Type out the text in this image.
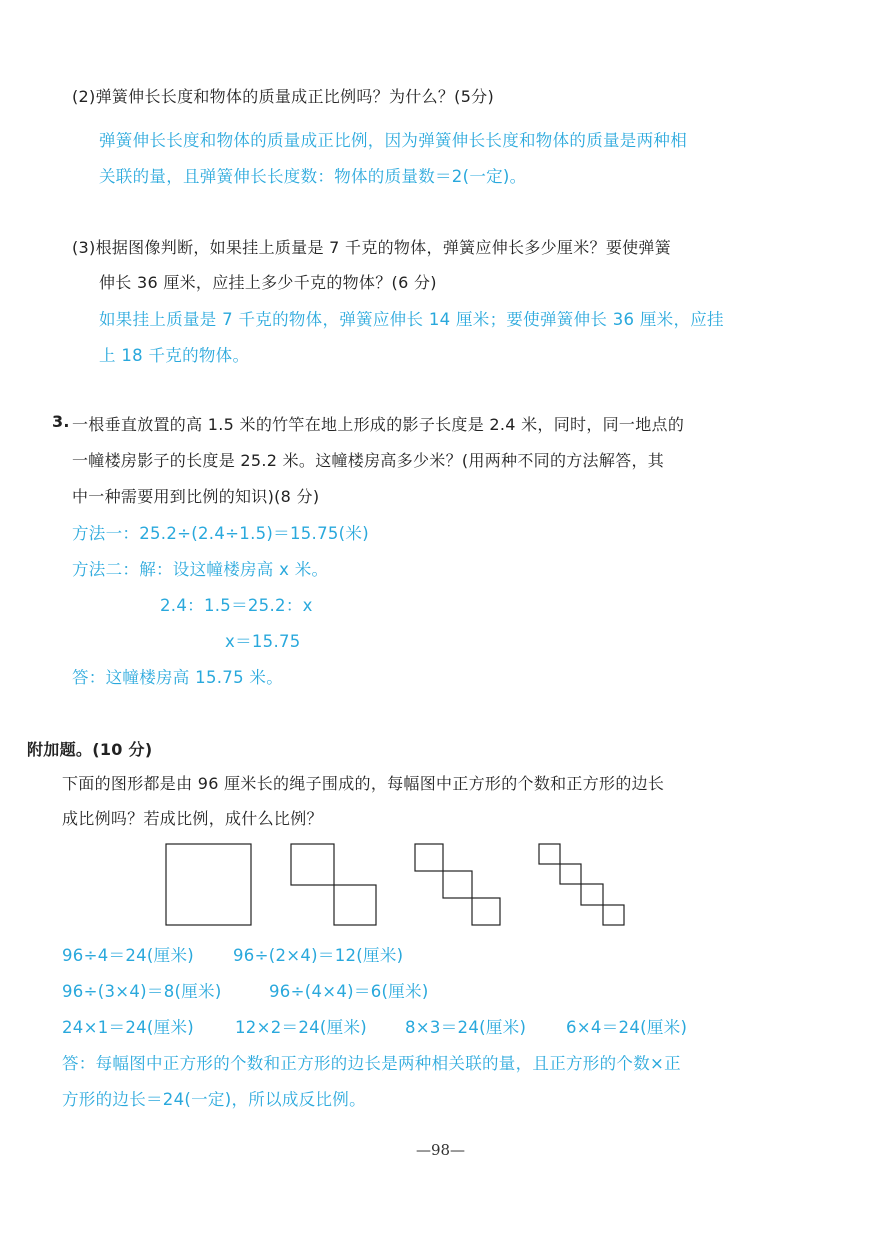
(2)弹簧伸长长度和物体的质量成正比例吗？为什么？(5分)
弹簧伸长长度和物体的质量成正比例，因为弹簧伸长长度和物体的质量是两种相
关联的量，且弹簧伸长长度数：物体的质量数＝2(一定)。
(3)根据图像判断，如果挂上质量是 7 千克的物体，弹簧应伸长多少厘米？要使弹簧
伸长 36 厘米，应挂上多少千克的物体？(6 分)
如果挂上质量是 7 千克的物体，弹簧应伸长 14 厘米；要使弹簧伸长 36 厘米，应挂
上 18 千克的物体。
3. 一根垂直放置的高 1.5 米的竹竿在地上形成的影子长度是 2.4 米，同时，同一地点的
一幢楼房影子的长度是 25.2 米。这幢楼房高多少米？(用两种不同的方法解答，其
中一种需要用到比例的知识)(8 分)
方法一：25.2÷(2.4÷1.5)＝15.75(米)
方法二：解：设这幢楼房高 x 米。
2.4：1.5＝25.2：x
x＝15.75
答：这幢楼房高 15.75 米。
附加题。(10 分)
下面的图形都是由 96 厘米长的绳子围成的，每幅图中正方形的个数和正方形的边长
成比例吗？若成比例，成什么比例？
96÷4＝24(厘米) 96÷(2×4)＝12(厘米)
96÷(3×4)＝8(厘米)	96÷(4×4)＝6(厘米)
24×1＝24(厘米) 12×2＝24(厘米) 8×3＝24(厘米) 6×4＝24(厘米)
答：每幅图中正方形的个数和正方形的边长是两种相关联的量，且正方形的个数×正
方形的边长＝24(一定)，所以成反比例。
—98—
